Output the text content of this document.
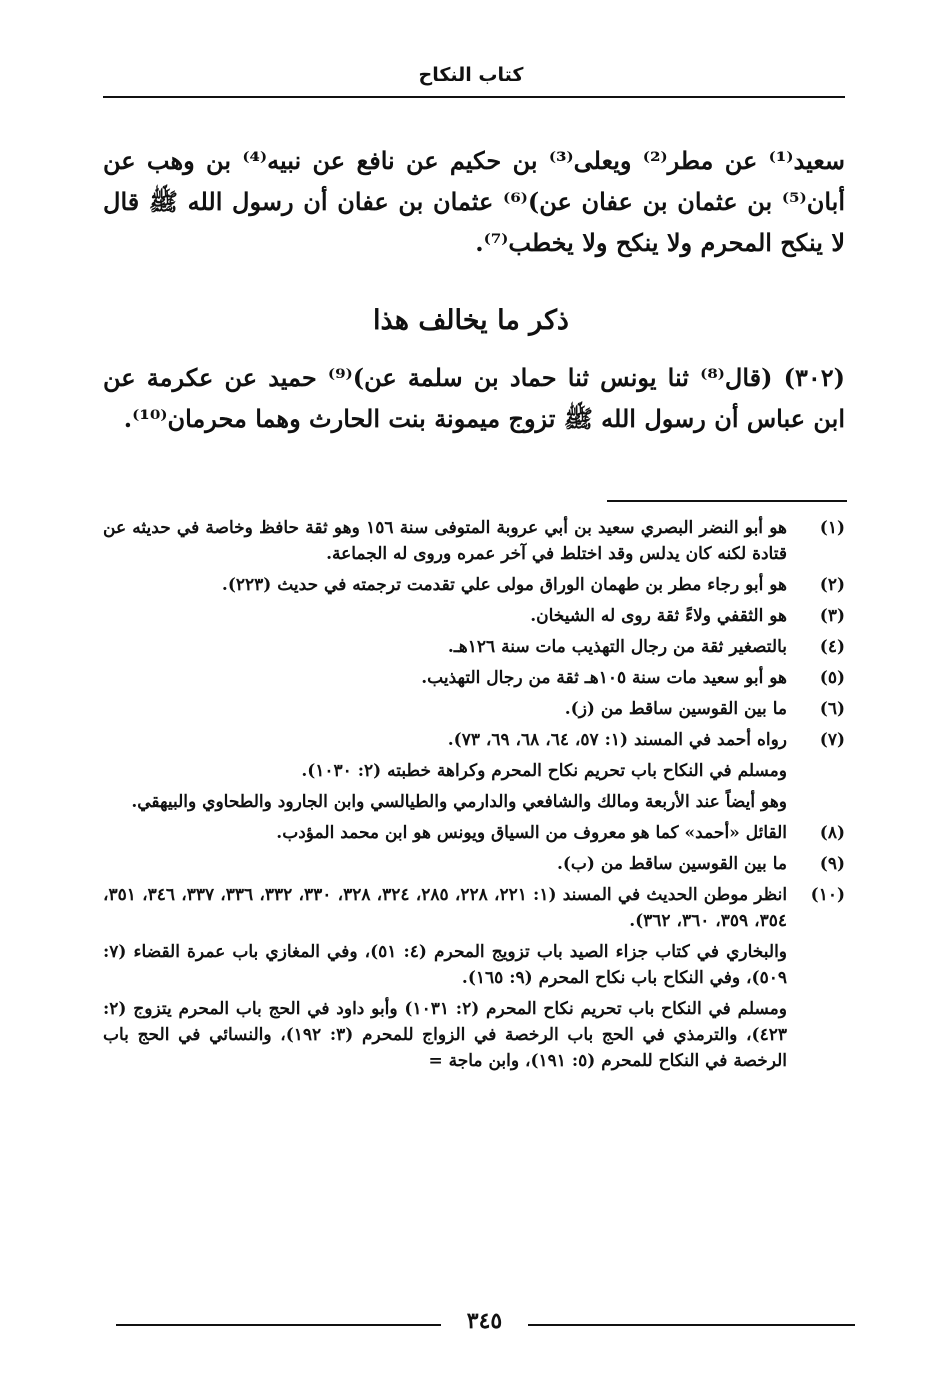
كتاب النكاح
سعيد⁽¹⁾ عن مطر⁽²⁾ ويعلى⁽³⁾ بن حكيم عن نافع عن نبيه⁽⁴⁾ بن وهب عن أبان⁽⁵⁾ بن عثمان بن عفان عن)⁽⁶⁾ عثمان بن عفان أن رسول الله ﷺ قال لا ينكح المحرم ولا ينكح ولا يخطب⁽⁷⁾.
ذكر ما يخالف هذا
(٣٠٢) (قال⁽⁸⁾ ثنا يونس ثنا حماد بن سلمة عن)⁽⁹⁾ حميد عن عكرمة عن ابن عباس أن رسول الله ﷺ تزوج ميمونة بنت الحارث وهما محرمان⁽¹⁰⁾.
(١)
هو أبو النضر البصري سعيد بن أبي عروبة المتوفى سنة ١٥٦ وهو ثقة حافظ وخاصة في حديثه عن قتادة لكنه كان يدلس وقد اختلط في آخر عمره وروى له الجماعة.
(٢)
هو أبو رجاء مطر بن طهمان الوراق مولى علي تقدمت ترجمته في حديث (٢٢٣).
(٣)
هو الثقفي ولاءً ثقة روى له الشيخان.
(٤)
بالتصغير ثقة من رجال التهذيب مات سنة ١٢٦هـ.
(٥)
هو أبو سعيد مات سنة ١٠٥هـ ثقة من رجال التهذيب.
(٦)
ما بين القوسين ساقط من (ز).
(٧)
رواه أحمد في المسند (١: ٥٧، ٦٤، ٦٨، ٦٩، ٧٣).
ومسلم في النكاح باب تحريم نكاح المحرم وكراهة خطبته (٢: ١٠٣٠).
وهو أيضاً عند الأربعة ومالك والشافعي والدارمي والطيالسي وابن الجارود والطحاوي والبيهقي.
(٨)
القائل «أحمد» كما هو معروف من السياق ويونس هو ابن محمد المؤدب.
(٩)
ما بين القوسين ساقط من (ب).
(١٠)
انظر موطن الحديث في المسند (١: ٢٢١، ٢٢٨، ٢٨٥، ٣٢٤، ٣٢٨، ٣٣٠، ٣٣٢، ٣٣٦، ٣٣٧، ٣٤٦، ٣٥١، ٣٥٤، ٣٥٩، ٣٦٠، ٣٦٢).
والبخاري في كتاب جزاء الصيد باب تزويج المحرم (٤: ٥١)، وفي المغازي باب عمرة القضاء (٧: ٥٠٩)، وفي النكاح باب نكاح المحرم (٩: ١٦٥).
ومسلم في النكاح باب تحريم نكاح المحرم (٢: ١٠٣١) وأبو داود في الحج باب المحرم يتزوج (٢: ٤٢٣)، والترمذي في الحج باب الرخصة في الزواج للمحرم (٣: ١٩٢)، والنسائي في الحج باب الرخصة في النكاح للمحرم (٥: ١٩١)، وابن ماجة =
٣٤٥
